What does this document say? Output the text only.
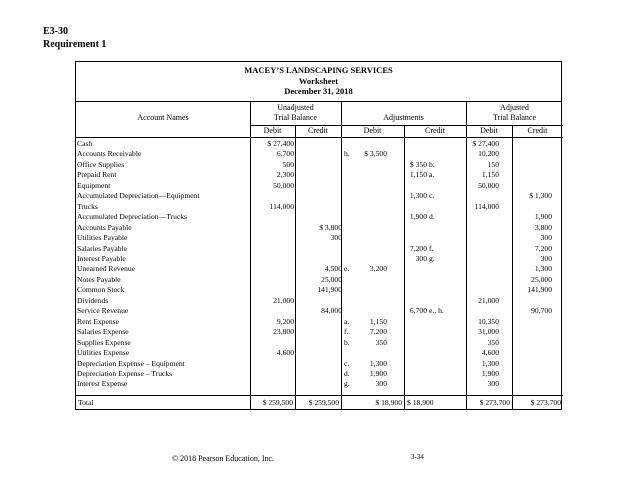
E3-30
Requirement 1
MACEY’S LANDSCAPING SERVICES
Worksheet
December 31, 2018
Account Names
Unadjusted
Trial Balance	Adjustments
Adjusted
Trial Balance
Debit	Credit	Debit	Credit	Debit	Credit
Cash	$ 27,400						$ 27,400	
Accounts Receivable	6,700		h.	$ 3,500			10,200	
Office Supplies	500				$ 350	b.	150	
Prepaid Rent	2,300				1,150	a.	1,150	
Equipment	50,000						50,000	
Accumulated Depreciation—Equipment					1,300	c.		$ 1,300
Trucks	114,000						114,000	
Accumulated Depreciation—Trucks					1,900	d.		1,900
Accounts Payable		$ 3,800						3,800
Utilities Payable		300						300
Salaries Payable					7,200	f.		7,200
Interest Payable					300	g.		300
Unearned Revenue		4,500	e.	3,200				1,300
Notes Payable		25,000						25,000
Common Stock		141,900						141,900
Dividends	21,000						21,000	
Service Revenue		84,000			6,700	e., h.		90,700
Rent Expense	9,200		a.	1,150			10,350	
Salaries Expense	23,800		f.	7,200			31,000	
Supplies Expense			b.	350			350	
Utilities Expense	4,600						4,600	
Depreciation Expense – Equipment			c.	1,300			1,300	
Depreciation Expense – Trucks			d.	1,900			1,900	
Interest Expense			g.	300			300	
Total	$ 259,500	$ 259,500	$ 18,900 $ 18,900	$ 273,700	$ 273,700
© 2018 Pearson Education, Inc.	3-34
